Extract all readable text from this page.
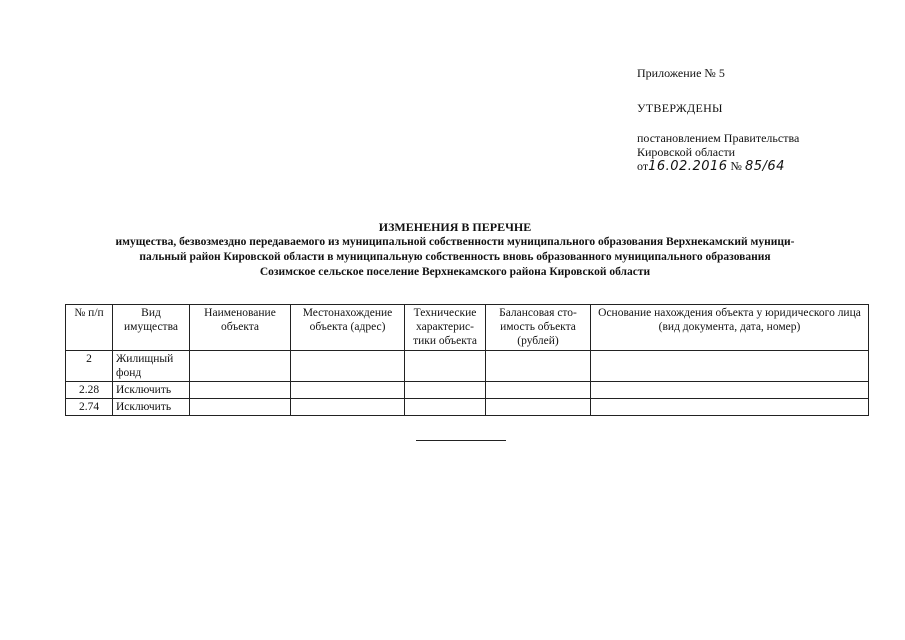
Приложение № 5
УТВЕРЖДЕНЫ
постановлением Правительства
Кировской области
от16.02.2016 № 85/64
ИЗМЕНЕНИЯ В ПЕРЕЧНЕ
имущества, безвозмездно передаваемого из муниципальной собственности муниципального образования Верхнекамский муници-
пальный район Кировской области в муниципальную собственность вновь образованного муниципального образования
Созимское сельское поселение Верхнекамского района Кировской области
№ п/п	Вид имущества	Наименование объекта	Местонахождение объекта (адрес)	Технические характерис-тики объекта	Балансовая сто-имость объекта (рублей)	Основание нахождения объекта у юридического лица (вид документа, дата, номер)
2	Жилищный фонд					
2.28	Исключить					
2.74	Исключить					
